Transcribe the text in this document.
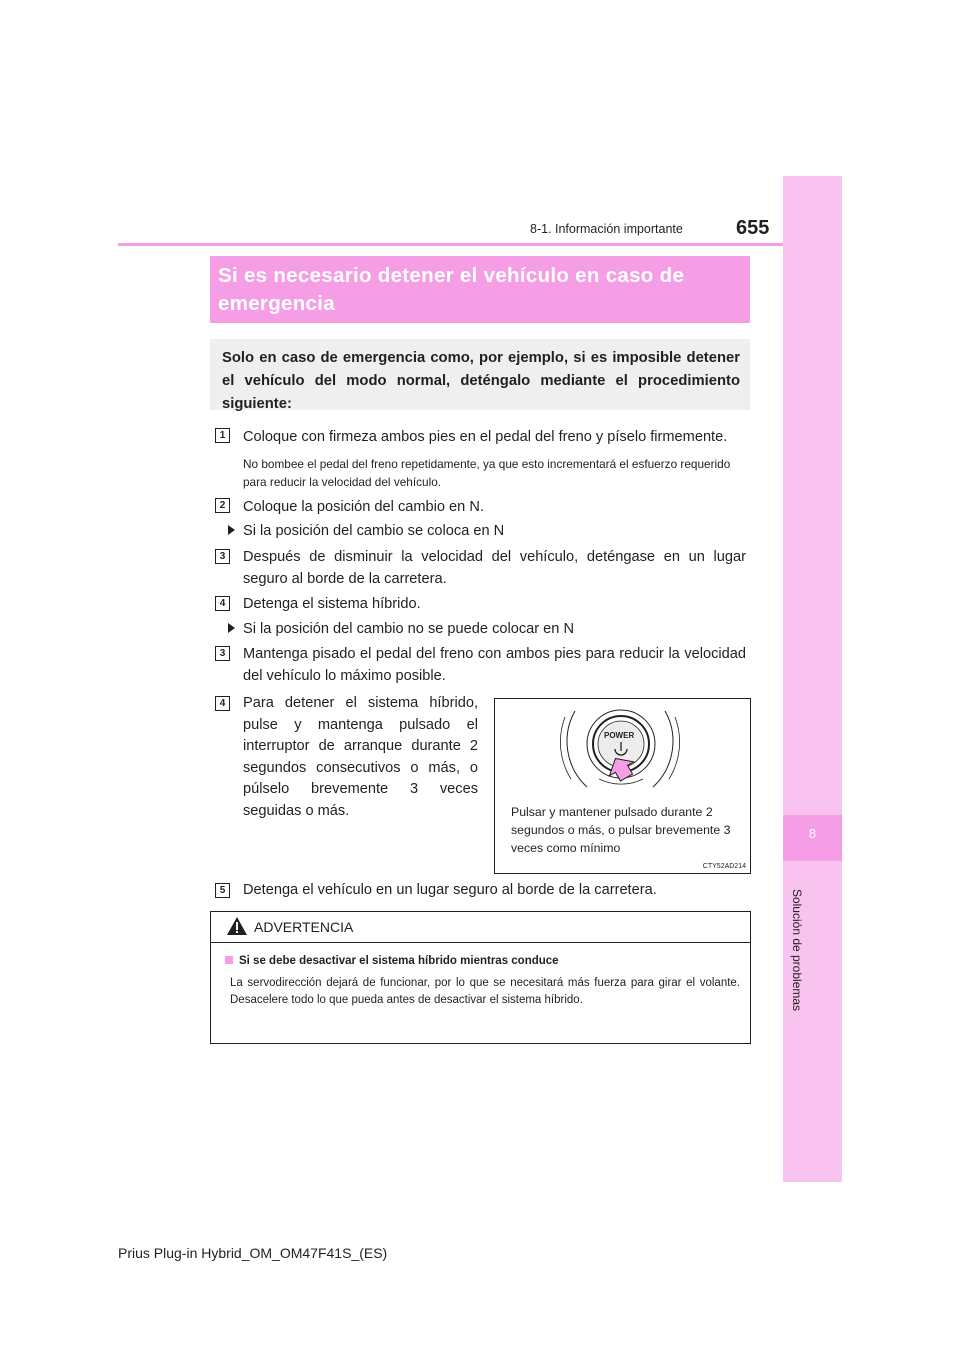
8
Solución de problemas
8-1. Información importante	655
Si es necesario detener el vehículo en caso de emergencia

Solo en caso de emergencia como, por ejemplo, si es imposible detener el vehículo del modo normal, deténgalo mediante el procedimiento siguiente:

1	Coloque con firmeza ambos pies en el pedal del freno y píselo firmemente.

No bombee el pedal del freno repetidamente, ya que esto incrementará el esfuerzo requerido para reducir la velocidad del vehículo.

2	Coloque la posición del cambio en N.

Si la posición del cambio se coloca en N

3	Después de disminuir la velocidad del vehículo, deténgase en un lugar seguro al borde de la carretera.

4	Detenga el sistema híbrido.

Si la posición del cambio no se puede colocar en N

3	Mantenga pisado el pedal del freno con ambos pies para reducir la velocidad del vehículo lo máximo posible.

4	Para detener el sistema híbrido, pulse y mantenga pulsado el interruptor de arranque durante 2 segundos consecutivos o más, o púlselo brevemente 3 veces seguidas o más.

POWER
Pulsar y mantener pulsado durante 2 segundos o más, o pulsar brevemente 3 veces como mínimo
CTY52AD214
5	Detenga el vehículo en un lugar seguro al borde de la carretera.

ADVERTENCIA
Si se debe desactivar el sistema híbrido mientras conduce
La servodirección dejará de funcionar, por lo que se necesitará más fuerza para girar el volante. Desacelere todo lo que pueda antes de desactivar el sistema híbrido.
Prius Plug-in Hybrid_OM_OM47F41S_(ES)
